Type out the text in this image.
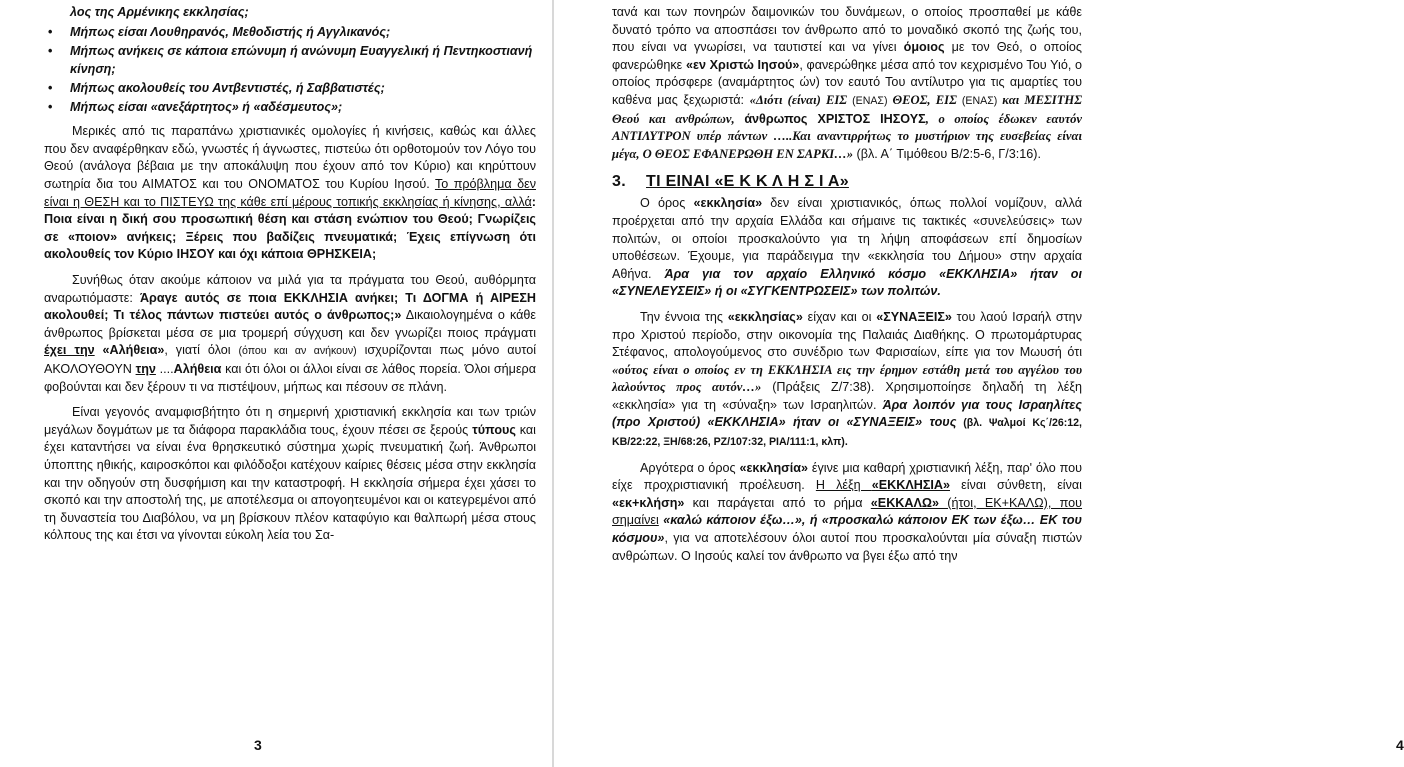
λος της Αρμένικης εκκλησίας;
• Μήπως είσαι Λουθηρανός, Μεθοδιστής ή Αγγλικανός;
• Μήπως ανήκεις σε κάποια επώνυμη ή ανώνυμη Ευαγγελική ή Πεντηκοστιανή κίνηση;
• Μήπως ακολουθείς του Αντβεντιστές, ή Σαββατιστές;
• Μήπως είσαι «ανεξάρτητος» ή «αδέσμευτος»;

Μερικές από τις παραπάνω χριστιανικές ομολογίες ή κινήσεις, καθώς και άλλες που δεν αναφέρθηκαν εδώ, γνωστές ή άγνωστες, πιστεύω ότι ορθοτομούν τον Λόγο του Θεού (ανάλογα βέβαια με την αποκάλυψη που έχουν από τον Κύριο) και κηρύττουν σωτηρία δια του ΑΙΜΑΤΟΣ και του ΟΝΟΜΑΤΟΣ του Κυρίου Ιησού. Το πρόβλημα δεν είναι η ΘΕΣΗ και το ΠΙΣΤΕΥΩ της κάθε επί μέρους τοπικής εκκλησίας ή κίνησης, αλλά: Ποια είναι η δική σου προσωπική θέση και στάση ενώπιον του Θεού; Γνωρίζεις σε «ποιον» ανήκεις; Ξέρεις που βαδίζεις πνευματικά; Έχεις επίγνωση ότι ακολουθείς τον Κύριο ΙΗΣΟΥ και όχι κάποια ΘΡΗΣΚΕΙΑ;

Συνήθως όταν ακούμε κάποιον να μιλά για τα πράγματα του Θεού, αυθόρμητα αναρωτιόμαστε: Άραγε αυτός σε ποια ΕΚΚΛΗΣΙΑ ανήκει; Τι ΔΟΓΜΑ ή ΑΙΡΕΣΗ ακολουθεί; Τι τέλος πάντων πιστεύει αυτός ο άνθρωπος;» Δικαιολογημένα ο κάθε άνθρωπος βρίσκεται μέσα σε μια τρομερή σύγχυση και δεν γνωρίζει ποιος πράγματι έχει την «Αλήθεια», γιατί όλοι (όπου και αν ανήκουν) ισχυρίζονται πως μόνο αυτοί ΑΚΟΛΟΥΘΟΥΝ την ....Αλήθεια και ότι όλοι οι άλλοι είναι σε λάθος πορεία. Όλοι σήμερα φοβούνται και δεν ξέρουν τι να πιστέψουν, μήπως και πέσουν σε πλάνη.

Είναι γεγονός αναμφισβήτητο ότι η σημερινή χριστιανική εκκλησία και των τριών μεγάλων δογμάτων με τα διάφορα παρακλάδια τους, έχουν πέσει σε ξερούς τύπους και έχει καταντήσει να είναι ένα θρησκευτικό σύστημα χωρίς πνευματική ζωή. Άνθρωποι ύποπτης ηθικής, καιροσκόποι και φιλόδοξοι κατέχουν καίριες θέσεις μέσα στην εκκλησία και την οδηγούν στη δυσφήμιση και την καταστροφή. Η εκκλησία σήμερα έχει χάσει το σκοπό και την αποστολή της, με αποτέλεσμα οι απογοητευμένοι και οι κατεγρεμένοι από τη δυναστεία του Διαβόλου, να μη βρίσκουν πλέον καταφύγιο και θαλπωρή μέσα στους κόλπους της και έτσι να γίνονται εύκολη λεία του Σα-

3

τανά και των πονηρών δαιμονικών του δυνάμεων, ο οποίος προσπαθεί με κάθε δυνατό τρόπο να αποσπάσει τον άνθρωπο από το μοναδικό σκοπό της ζωής του, που είναι να γνωρίσει, να ταυτιστεί και να γίνει όμοιος με τον Θεό, ο οποίος φανερώθηκε «εν Χριστώ Ιησού», φανερώθηκε μέσα από τον κεχρισμένο Του Υιό, ο οποίος πρόσφερε (αναμάρτητος ών) τον εαυτό Του αντίλυτρο για τις αμαρτίες του καθένα μας ξεχωριστά: «Διότι (είναι) ΕΙΣ (ΕΝΑΣ) ΘΕΟΣ, ΕΙΣ (ΕΝΑΣ) και ΜΕΣΙΤΗΣ Θεού και ανθρώπων, άνθρωπος ΧΡΙΣΤΟΣ ΙΗΣΟΥΣ, ο οποίος έδωκεν εαυτόν ΑΝΤΙΛΥΤΡΟΝ υπέρ πάντων …..Και αναντιρρήτως το μυστήριον της ευσεβείας είναι μέγα, Ο ΘΕΟΣ ΕΦΑΝΕΡΩΘΗ ΕΝ ΣΑΡΚΙ…» (βλ. Α΄ Τιμόθεου Β/2:5-6, Γ/3:16).

3. ΤΙ ΕΙΝΑΙ «Ε Κ Κ Λ Η Σ Ι Α»

Ο όρος «εκκλησία» δεν είναι χριστιανικός, όπως πολλοί νομίζουν, αλλά προέρχεται από την αρχαία Ελλάδα και σήμαινε τις τακτικές «συνελεύσεις» των πολιτών, οι οποίοι προσκαλούντο για τη λήψη αποφάσεων επί δημοσίων υποθέσεων. Έχουμε, για παράδειγμα την «εκκλησία του Δήμου» στην αρχαία Αθήνα. Άρα για τον αρχαίο Ελληνικό κόσμο «ΕΚΚΛΗΣΙΑ» ήταν οι «ΣΥΝΕΛΕΥΣΕΙΣ» ή οι «ΣΥΓΚΕΝΤΡΩΣΕΙΣ» των πολιτών.

Την έννοια της «εκκλησίας» είχαν και οι «ΣΥΝΑΞΕΙΣ» του λαού Ισραήλ στην προ Χριστού περίοδο, στην οικονομία της Παλαιάς Διαθήκης. Ο πρωτομάρτυρας Στέφανος, απολογούμενος στο συνέδριο των Φαρισαίων, είπε για τον Μωυσή ότι «ούτος είναι ο οποίος εν τη ΕΚΚΛΗΣΙΑ εις την έρημον εστάθη μετά του αγγέλου του λαλούντος προς αυτόν…» (Πράξεις Ζ/7:38). Χρησιμοποίησε δηλαδή τη λέξη «εκκλησία» για τη «σύναξη» των Ισραηλιτών. Άρα λοιπόν για τους Ισραηλίτες (προ Χριστού) «ΕΚΚΛΗΣΙΑ» ήταν οι «ΣΥΝΑΞΕΙΣ» τους (βλ. Ψαλμοί Κς΄/26:12, ΚΒ/22:22, ΞΗ/68:26, ΡΖ/107:32, ΡΙΑ/111:1, κλπ).

Αργότερα ο όρος «εκκλησία» έγινε μια καθαρή χριστιανική λέξη, παρ' όλο που είχε προχριστιανική προέλευση. Η λέξη «ΕΚΚΛΗΣΙΑ» είναι σύνθετη, είναι «εκ+κλήση» και παράγεται από το ρήμα «ΕΚΚΑΛΩ» (ήτοι, ΕΚ+ΚΑΛΩ), που σημαίνει «καλώ κάποιον έξω…», ή «προσκαλώ κάποιον ΕΚ των έξω… ΕΚ του κόσμου», για να αποτελέσουν όλοι αυτοί που προσκαλούνται μία σύναξη πιστών ανθρώπων. Ο Ιησούς καλεί τον άνθρωπο να βγει έξω από την

4
